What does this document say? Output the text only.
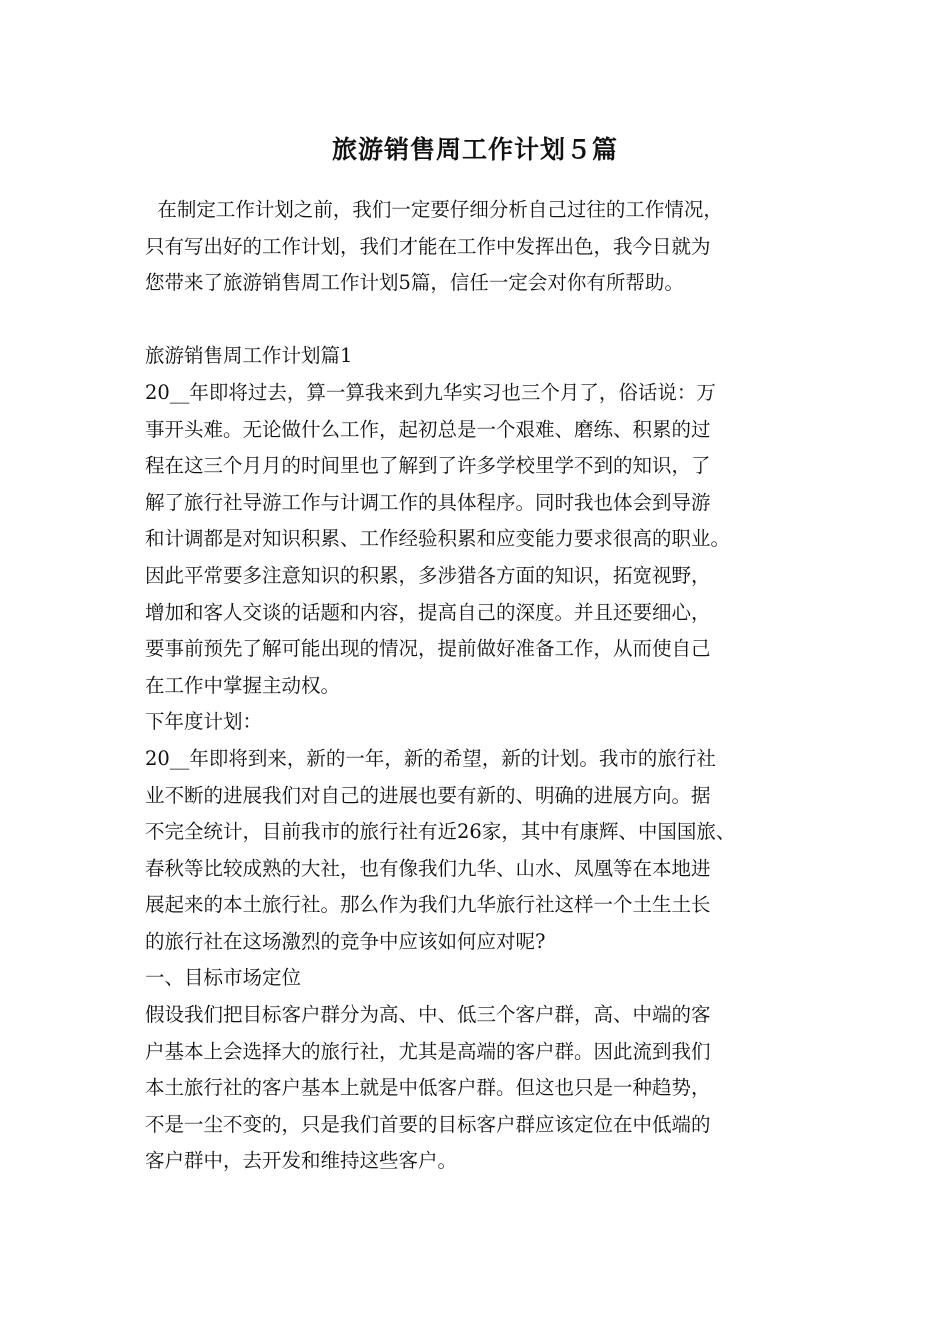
旅游销售周工作计划５篇
在制定工作计划之前，我们一定要仔细分析自己过往的工作情况，
只有写出好的工作计划，我们才能在工作中发挥出色，我今日就为
您带来了旅游销售周工作计划5篇，信任一定会对你有所帮助。
旅游销售周工作计划篇1
20__年即将过去，算一算我来到九华实习也三个月了，俗话说：万
事开头难。无论做什么工作，起初总是一个艰难、磨练、积累的过
程在这三个月月的时间里也了解到了许多学校里学不到的知识，了
解了旅行社导游工作与计调工作的具体程序。同时我也体会到导游
和计调都是对知识积累、工作经验积累和应变能力要求很高的职业。
因此平常要多注意知识的积累，多涉猎各方面的知识，拓宽视野，
增加和客人交谈的话题和内容，提高自己的深度。并且还要细心，
要事前预先了解可能出现的情况，提前做好准备工作，从而使自己
在工作中掌握主动权。
下年度计划：
20__年即将到来，新的一年，新的希望，新的计划。我市的旅行社
业不断的进展我们对自己的进展也要有新的、明确的进展方向。据
不完全统计，目前我市的旅行社有近26家，其中有康辉、中国国旅、
春秋等比较成熟的大社，也有像我们九华、山水、凤凰等在本地进
展起来的本土旅行社。那么作为我们九华旅行社这样一个土生土长
的旅行社在这场激烈的竞争中应该如何应对呢?
一、目标市场定位
假设我们把目标客户群分为高、中、低三个客户群，高、中端的客
户基本上会选择大的旅行社，尤其是高端的客户群。因此流到我们
本土旅行社的客户基本上就是中低客户群。但这也只是一种趋势，
不是一尘不变的，只是我们首要的目标客户群应该定位在中低端的
客户群中，去开发和维持这些客户。
